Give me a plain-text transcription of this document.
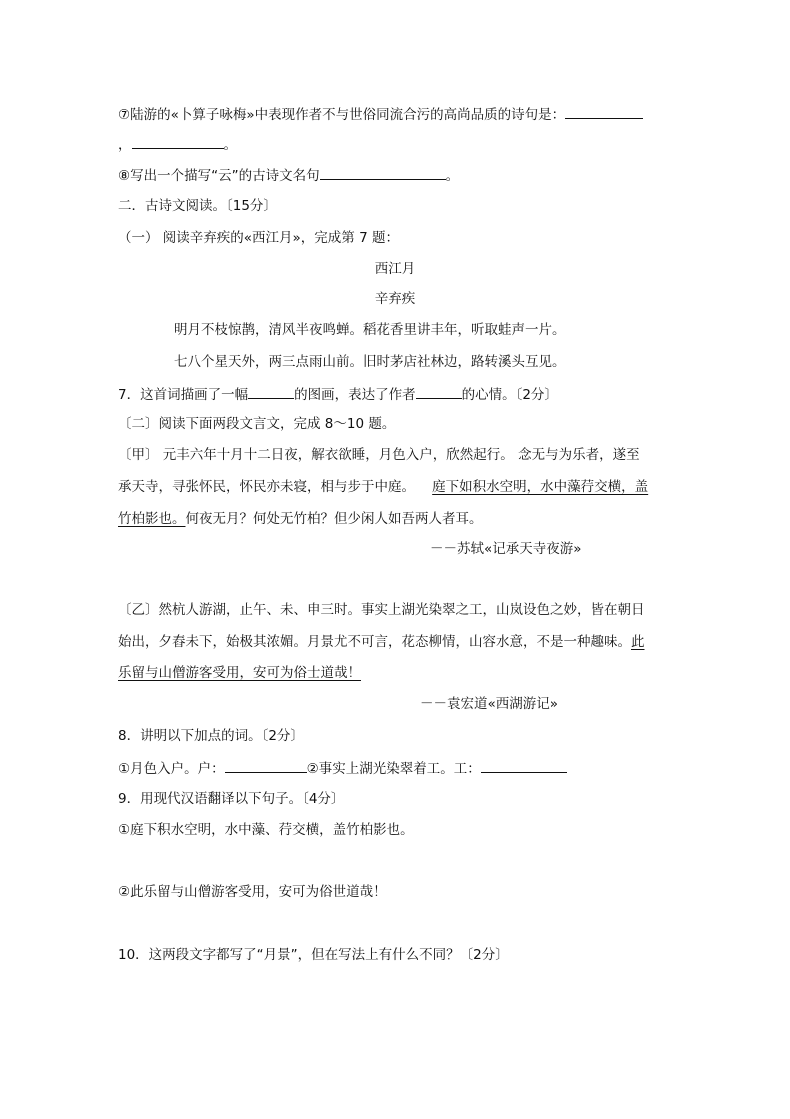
⑦陆游的«卜算子咏梅»中表现作者不与世俗同流合污的高尚品质的诗句是：
，	。
⑧写出一个描写“云”的古诗文名句	。
二．古诗文阅读。〔15分〕
（一） 阅读辛弃疾的«西江月»，完成第 7 题：
西江月
辛弃疾
明月不枝惊鹊，清风半夜鸣蝉。稻花香里讲丰年，听取蛙声一片。
七八个星天外，两三点雨山前。旧时茅店社林边，路转溪头互见。
7．这首词描画了一幅	的图画，表达了作者	的心情。〔2分〕
〔二〕阅读下面两段文言文，完成 8～10 题。
〔甲〕 元丰六年十月十二日夜，解衣欲睡，月色入户，欣然起行。 念无与为乐者，遂至
承天寺，寻张怀民，怀民亦未寝，相与步于中庭。    庭下如积水空明，水中藻荇交横，盖
竹柏影也。何夜无月？何处无竹柏？但少闲人如吾两人者耳。
－－苏轼«记承天寺夜游»
〔乙〕然杭人游湖，止午、未、申三时。事实上湖光染翠之工，山岚设色之妙，皆在朝日
始出，夕舂未下，始极其浓媚。月景尤不可言，花态柳情，山容水意，不是一种趣味。此
乐留与山僧游客受用，安可为俗士道哉！
－－袁宏道«西湖游记»
8．讲明以下加点的词。〔2分〕
①月色入户。户：	②事实上湖光染翠着工。工：
9．用现代汉语翻译以下句子。〔4分〕
①庭下积水空明，水中藻、荇交横，盖竹柏影也。
②此乐留与山僧游客受用，安可为俗世道哉！
10．这两段文字都写了“月景”，但在写法上有什么不同？〔2分〕
